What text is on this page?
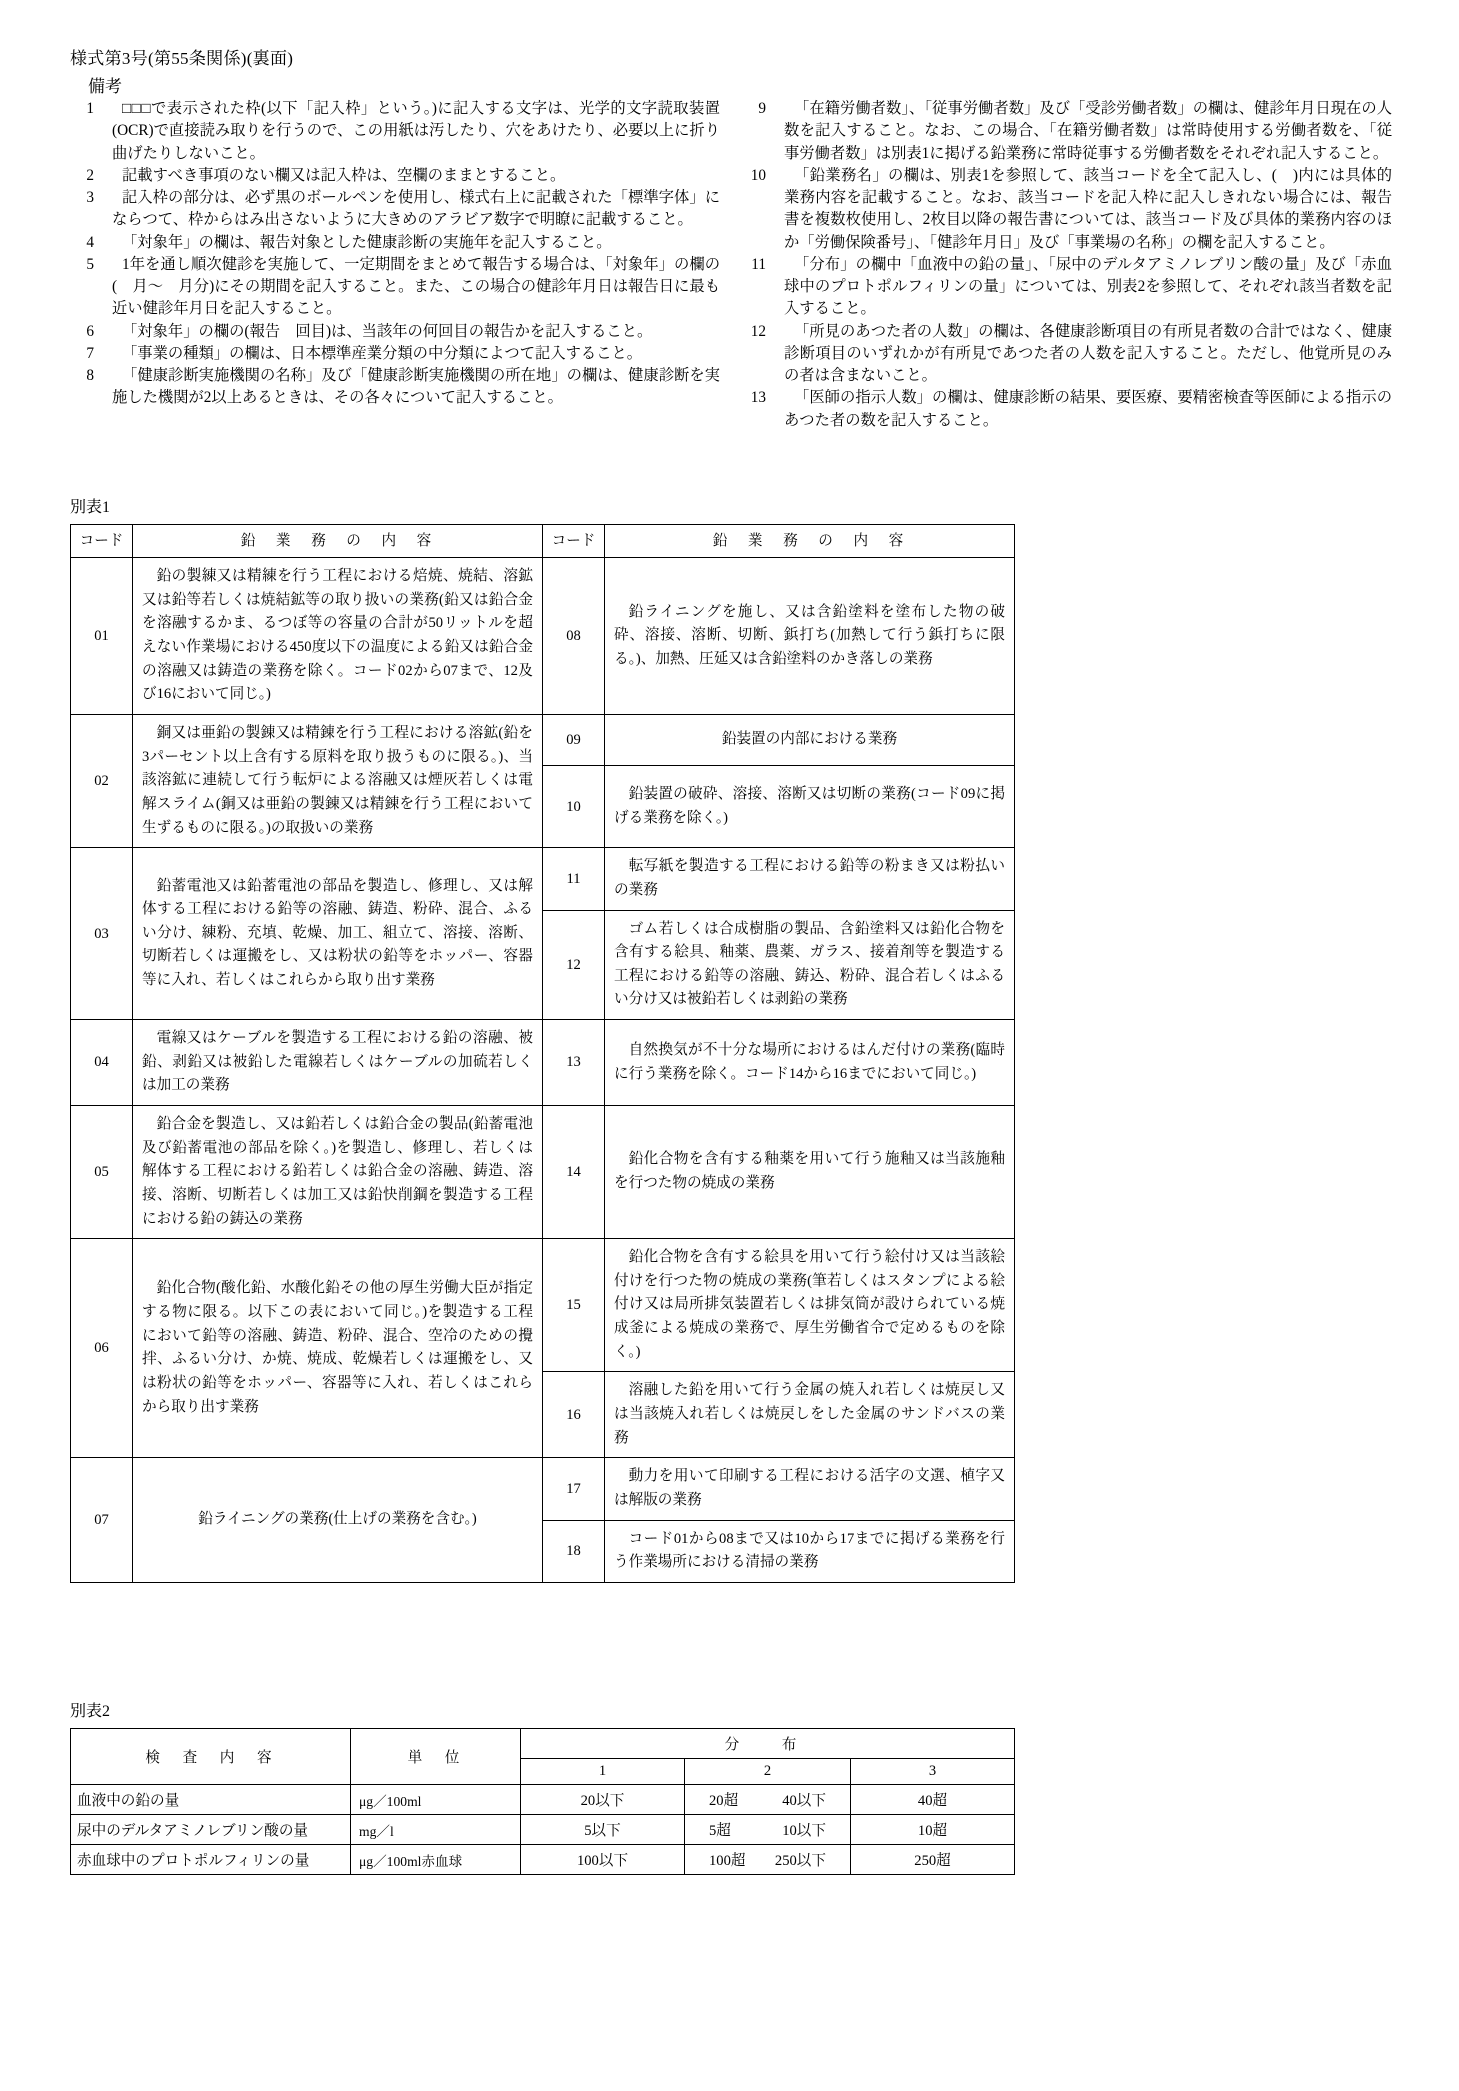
様式第3号(第55条関係)(裏面)
備考
1	□□□で表示された枠(以下「記入枠」という。)に記入する文字は、光学的文字読取装置(OCR)で直接読み取りを行うので、この用紙は汚したり、穴をあけたり、必要以上に折り曲げたりしないこと。
2	記載すべき事項のない欄又は記入枠は、空欄のままとすること。
3	記入枠の部分は、必ず黒のボールペンを使用し、様式右上に記載された「標準字体」にならつて、枠からはみ出さないように大きめのアラビア数字で明瞭に記載すること。
4	「対象年」の欄は、報告対象とした健康診断の実施年を記入すること。
5	1年を通し順次健診を実施して、一定期間をまとめて報告する場合は、「対象年」の欄の(　月～　月分)にその期間を記入すること。また、この場合の健診年月日は報告日に最も近い健診年月日を記入すること。
6	「対象年」の欄の(報告　回目)は、当該年の何回目の報告かを記入すること。
7	「事業の種類」の欄は、日本標準産業分類の中分類によつて記入すること。
8	「健康診断実施機関の名称」及び「健康診断実施機関の所在地」の欄は、健康診断を実施した機関が2以上あるときは、その各々について記入すること。
9	「在籍労働者数」、「従事労働者数」及び「受診労働者数」の欄は、健診年月日現在の人数を記入すること。なお、この場合、「在籍労働者数」は常時使用する労働者数を、「従事労働者数」は別表1に掲げる鉛業務に常時従事する労働者数をそれぞれ記入すること。
10	「鉛業務名」の欄は、別表1を参照して、該当コードを全て記入し、(　)内には具体的業務内容を記載すること。なお、該当コードを記入枠に記入しきれない場合には、報告書を複数枚使用し、2枚目以降の報告書については、該当コード及び具体的業務内容のほか「労働保険番号」、「健診年月日」及び「事業場の名称」の欄を記入すること。
11	「分布」の欄中「血液中の鉛の量」、「尿中のデルタアミノレブリン酸の量」及び「赤血球中のプロトポルフィリンの量」については、別表2を参照して、それぞれ該当者数を記入すること。
12	「所見のあつた者の人数」の欄は、各健康診断項目の有所見者数の合計ではなく、健康診断項目のいずれかが有所見であつた者の人数を記入すること。ただし、他覚所見のみの者は含まないこと。
13	「医師の指示人数」の欄は、健康診断の結果、要医療、要精密検査等医師による指示のあつた者の数を記入すること。
別表1
コード	鉛　業　務　の　内　容	コード	鉛　業　務　の　内　容
01	鉛の製練又は精練を行う工程における焙焼、焼結、溶鉱又は鉛等若しくは焼結鉱等の取り扱いの業務(鉛又は鉛合金を溶融するかま、るつぼ等の容量の合計が50リットルを超えない作業場における450度以下の温度による鉛又は鉛合金の溶融又は鋳造の業務を除く。コード02から07まで、12及び16において同じ。)	08	鉛ライニングを施し、又は含鉛塗料を塗布した物の破砕、溶接、溶断、切断、鋲打ち(加熱して行う鋲打ちに限る。)、加熱、圧延又は含鉛塗料のかき落しの業務
02	銅又は亜鉛の製錬又は精錬を行う工程における溶鉱(鉛を3パーセント以上含有する原料を取り扱うものに限る。)、当該溶鉱に連続して行う転炉による溶融又は煙灰若しくは電解スライム(銅又は亜鉛の製錬又は精錬を行う工程において生ずるものに限る。)の取扱いの業務	09	鉛装置の内部における業務
		10	鉛装置の破砕、溶接、溶断又は切断の業務(コード09に掲げる業務を除く。)
03	鉛蓄電池又は鉛蓄電池の部品を製造し、修理し、又は解体する工程における鉛等の溶融、鋳造、粉砕、混合、ふるい分け、練粉、充填、乾燥、加工、組立て、溶接、溶断、切断若しくは運搬をし、又は粉状の鉛等をホッパー、容器等に入れ、若しくはこれらから取り出す業務	11	転写紙を製造する工程における鉛等の粉まき又は粉払いの業務
		12	ゴム若しくは合成樹脂の製品、含鉛塗料又は鉛化合物を含有する絵具、釉薬、農薬、ガラス、接着剤等を製造する工程における鉛等の溶融、鋳込、粉砕、混合若しくはふるい分け又は被鉛若しくは剥鉛の業務
04	電線又はケーブルを製造する工程における鉛の溶融、被鉛、剥鉛又は被鉛した電線若しくはケーブルの加硫若しくは加工の業務	13	自然換気が不十分な場所におけるはんだ付けの業務(臨時に行う業務を除く。コード14から16までにおいて同じ。)
05	鉛合金を製造し、又は鉛若しくは鉛合金の製品(鉛蓄電池及び鉛蓄電池の部品を除く。)を製造し、修理し、若しくは解体する工程における鉛若しくは鉛合金の溶融、鋳造、溶接、溶断、切断若しくは加工又は鉛快削鋼を製造する工程における鉛の鋳込の業務	14	鉛化合物を含有する釉薬を用いて行う施釉又は当該施釉を行つた物の焼成の業務
06	鉛化合物(酸化鉛、水酸化鉛その他の厚生労働大臣が指定する物に限る。以下この表において同じ。)を製造する工程において鉛等の溶融、鋳造、粉砕、混合、空冷のための攪拌、ふるい分け、か焼、焼成、乾燥若しくは運搬をし、又は粉状の鉛等をホッパー、容器等に入れ、若しくはこれらから取り出す業務	15	鉛化合物を含有する絵具を用いて行う絵付け又は当該絵付けを行つた物の焼成の業務(筆若しくはスタンプによる絵付け又は局所排気装置若しくは排気筒が設けられている焼成釜による焼成の業務で、厚生労働省令で定めるものを除く。)
		16	溶融した鉛を用いて行う金属の焼入れ若しくは焼戻し又は当該焼入れ若しくは焼戻しをした金属のサンドバスの業務
07	鉛ライニングの業務(仕上げの業務を含む。)	17	動力を用いて印刷する工程における活字の文選、植字又は解版の業務
		18	コード01から08まで又は10から17までに掲げる業務を行う作業場所における清掃の業務
別表2
検　査　内　容	単　位	分　布		
		1	2	3
血液中の鉛の量	μg／100ml	20以下	20超 40以下	40超
尿中のデルタアミノレブリン酸の量	mg／l	5以下	5超 10以下	10超
赤血球中のプロトポルフィリンの量	μg／100ml赤血球	100以下	100超 250以下	250超
